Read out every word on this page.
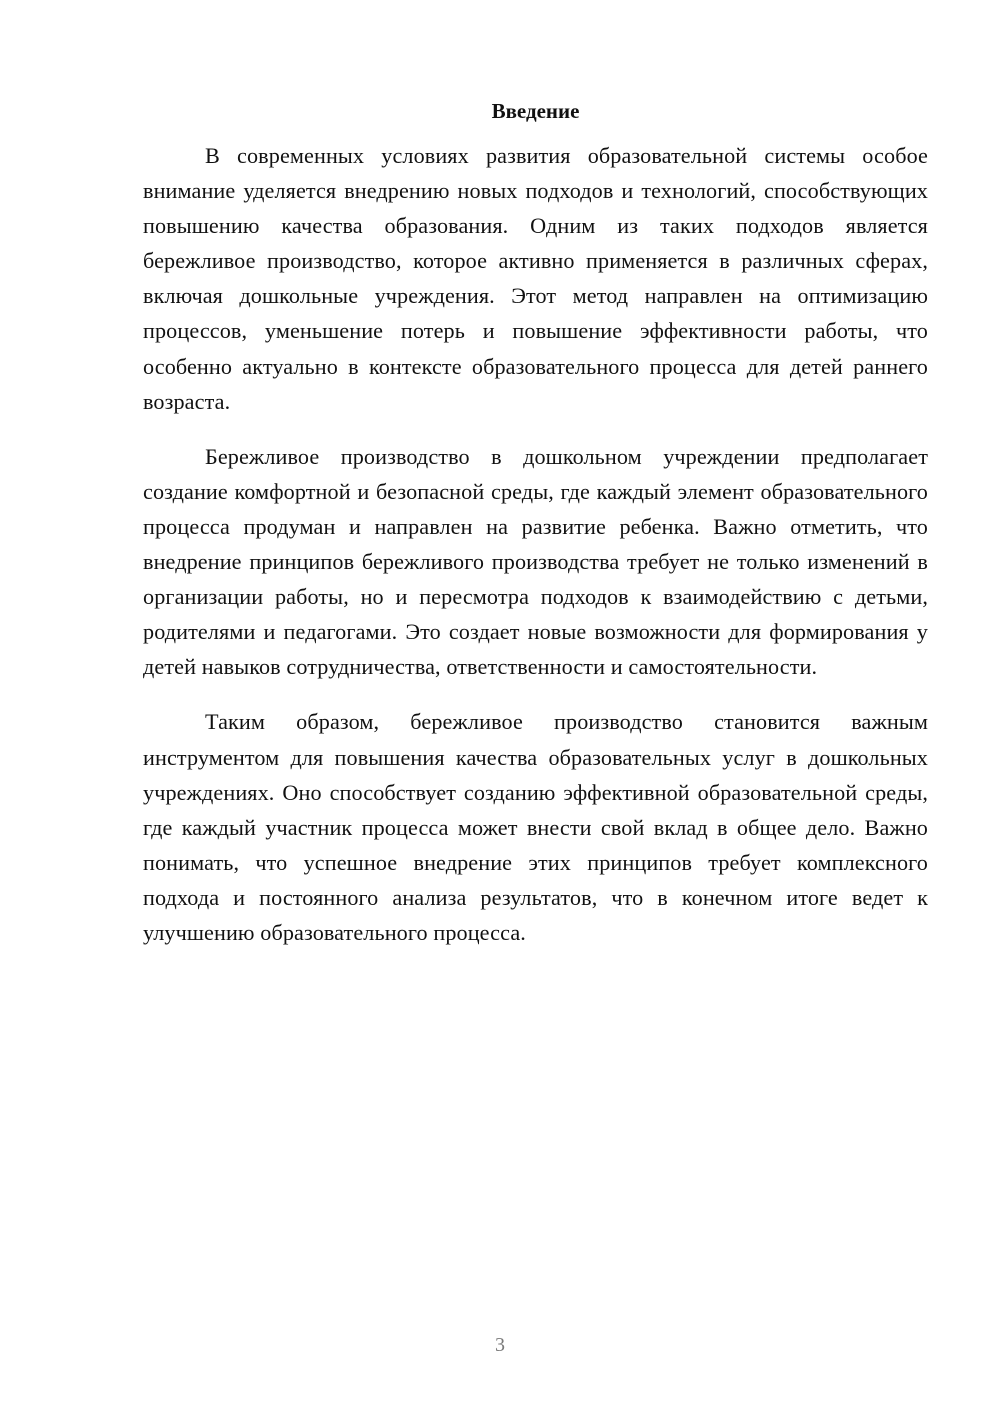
Введение

В современных условиях развития образовательной системы особое внимание уделяется внедрению новых подходов и технологий, способствующих повышению качества образования. Одним из таких подходов является бережливое производство, которое активно применяется в различных сферах, включая дошкольные учреждения. Этот метод направлен на оптимизацию процессов, уменьшение потерь и повышение эффективности работы, что особенно актуально в контексте образовательного процесса для детей раннего возраста.

Бережливое производство в дошкольном учреждении предполагает создание комфортной и безопасной среды, где каждый элемент образовательного процесса продуман и направлен на развитие ребенка. Важно отметить, что внедрение принципов бережливого производства требует не только изменений в организации работы, но и пересмотра подходов к взаимодействию с детьми, родителями и педагогами. Это создает новые возможности для формирования у детей навыков сотрудничества, ответственности и самостоятельности.

Таким образом, бережливое производство становится важным инструментом для повышения качества образовательных услуг в дошкольных учреждениях. Оно способствует созданию эффективной образовательной среды, где каждый участник процесса может внести свой вклад в общее дело. Важно понимать, что успешное внедрение этих принципов требует комплексного подхода и постоянного анализа результатов, что в конечном итоге ведет к улучшению образовательного процесса.

3
